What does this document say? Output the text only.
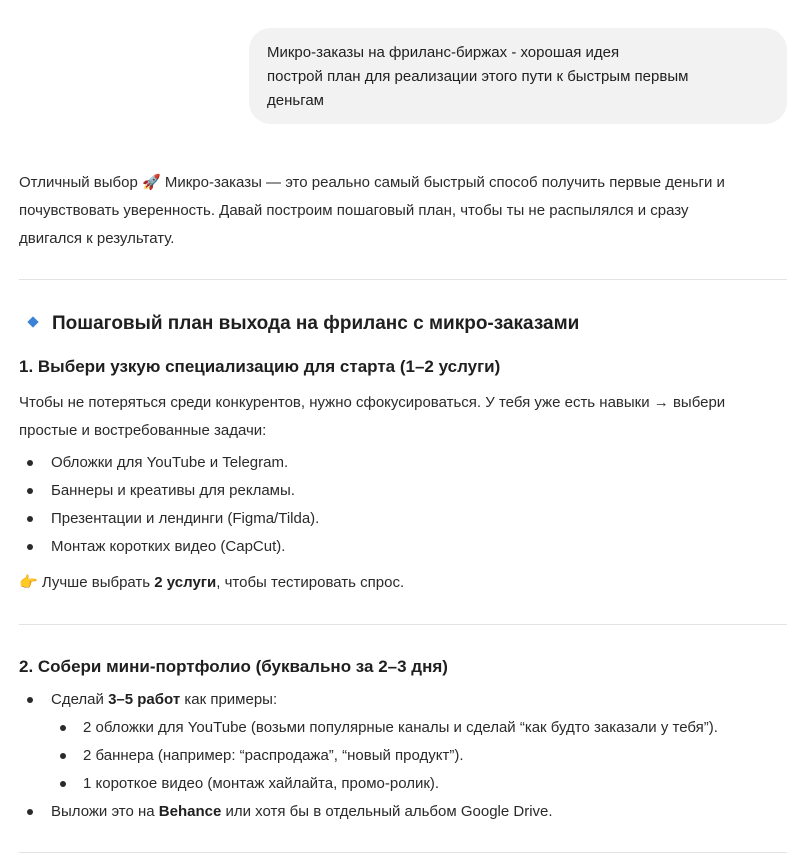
Микро-заказы на фриланс-биржах - хорошая идея
построй план для реализации этого пути к быстрым первым
деньгам
Отличный выбор 🚀 Микро-заказы — это реально самый быстрый способ получить первые деньги и
почувствовать уверенность. Давай построим пошаговый план, чтобы ты не распылялся и сразу
двигался к результату.
Пошаговый план выхода на фриланс с микро-заказами
1. Выбери узкую специализацию для старта (1–2 услуги)
Чтобы не потеряться среди конкурентов, нужно сфокусироваться. У тебя уже есть навыки → выбери
простые и востребованные задачи:
Обложки для YouTube и Telegram.
Баннеры и креативы для рекламы.
Презентации и лендинги (Figma/Tilda).
Монтаж коротких видео (CapCut).
👉 Лучше выбрать 2 услуги, чтобы тестировать спрос.
2. Собери мини-портфолио (буквально за 2–3 дня)
Сделай 3–5 работ как примеры:
2 обложки для YouTube (возьми популярные каналы и сделай “как будто заказали у тебя”).
2 баннера (например: “распродажа”, “новый продукт”).
1 короткое видео (монтаж хайлайта, промо-ролик).
Выложи это на Behance или хотя бы в отдельный альбом Google Drive.
